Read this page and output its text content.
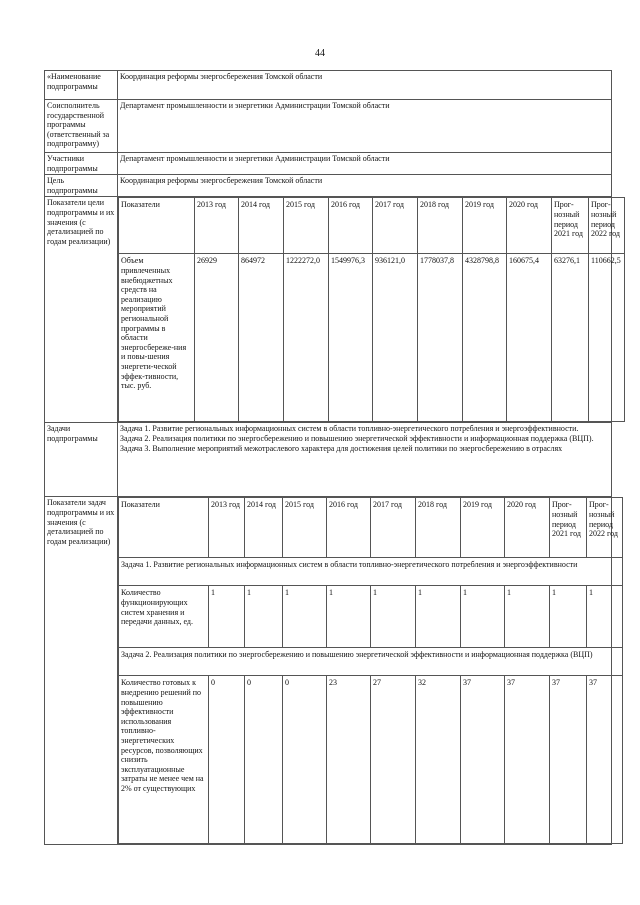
44
«Наименование подпрограммы	Координация реформы энергосбережения Томской области
Соисполнитель государственной программы (ответственный за подпрограмму)	Департамент промышленности и энергетики Администрации Томской области
Участники подпрограммы	Департамент промышленности и энергетики Администрации Томской области
Цель подпрограммы	Координация реформы энергосбережения Томской области
Показатели цели подпрограммы и их значения (с детализацией по годам реализации)	
Показатели	2013 год	2014 год	2015 год	2016 год	2017 год	2018 год	2019 год	2020 год	Прог-нозный период 2021 год	Прог-нозный период 2022 год
Объем привлеченных внебюджетных средств на реализацию мероприятий региональной программы в области энергосбереже-ния и повы-шения энергети-ческой эффек-тивности, тыс. руб.	26929	864972	1222272,0	1549976,3	936121,0	1778037,8	4328798,8	160675,4	63276,1	110662,5

Задачи подпрограммы	
Задача 1. Развитие региональных информационных систем в области топливно-энергетического потребления и энергоэффективности.
Задача 2. Реализация политики по энергосбережению и повышению энергетической эффективности и информационная поддержка (ВЦП).
Задача 3. Выполнение мероприятий межотраслевого характера для достижения целей политики по энергосбережению в отраслях

Показатели задач подпрограммы и их значения (с детализацией по годам реализации)	
Показатели	2013 год	2014 год	2015 год	2016 год	2017 год	2018 год	2019 год	2020 год	Прог-нозный период 2021 год	Прог-нозный период 2022 год
Задача 1. Развитие региональных информационных систем в области топливно-энергетического потребления и энергоэффективности
Количество функционирующих систем хранения и передачи данных, ед.	1	1	1	1	1	1	1	1	1	1
Задача 2. Реализация политики по энергосбережению и повышению энергетической эффективности и информационная поддержка (ВЦП)
Количество готовых к внедрению решений по повышению эффективности использования топливно-энергетических ресурсов, позволяющих снизить эксплуатационные затраты не менее чем на 2% от существующих	0	0	0	23	27	32	37	37	37	37
